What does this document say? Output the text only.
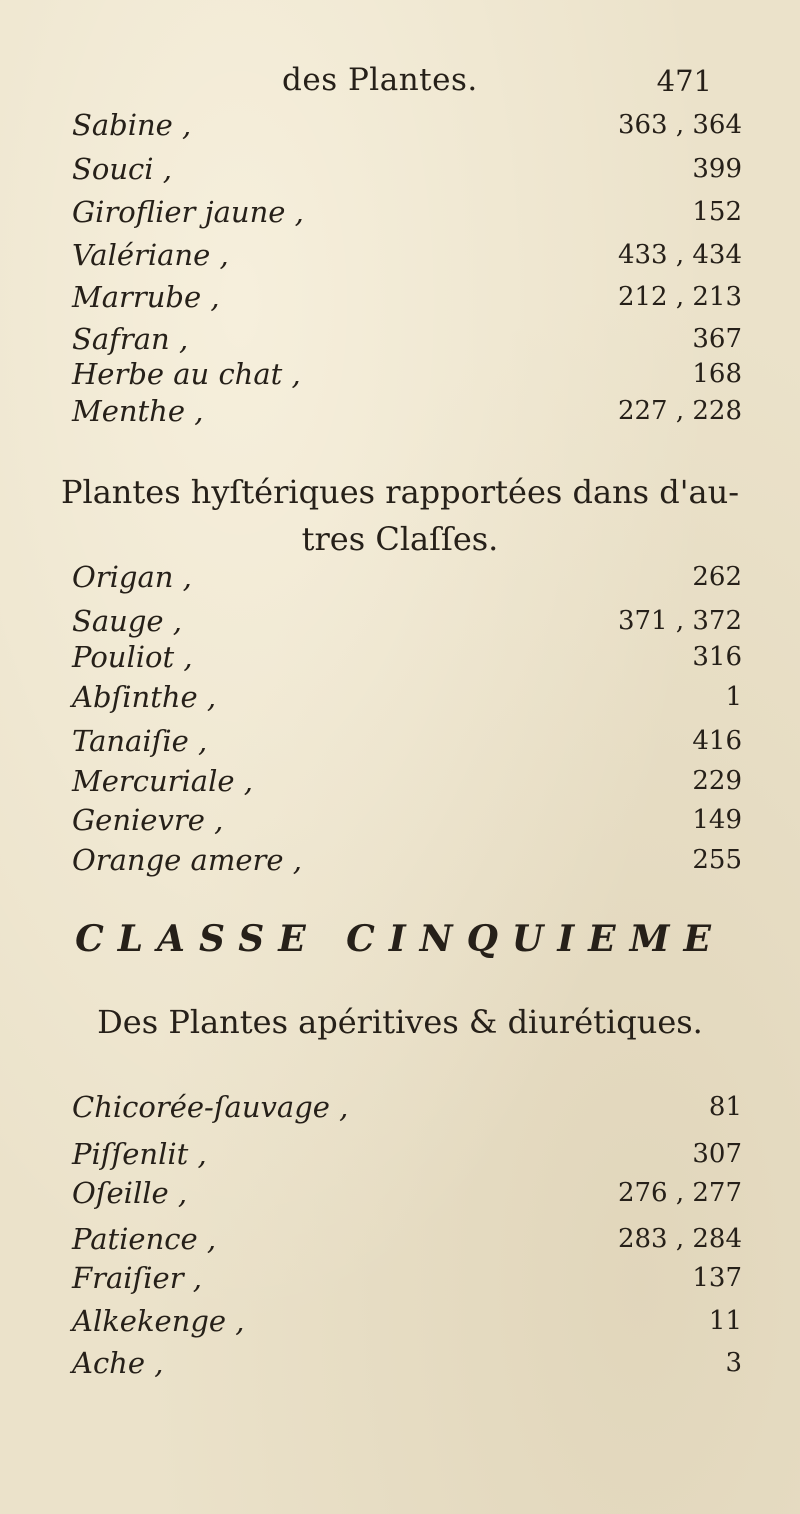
des Plantes.	471
Sabine ,	363 , 364
Souci ,	399
Giroflier jaune ,	152
Valériane ,	433 , 434
Marrube ,	212 , 213
Safran ,	367
Herbe au chat ,	168
Menthe ,	227 , 228
Plantes hyſtériques rapportées dans d'au-
tres Claſſes.
Origan ,	262
Sauge ,	371 , 372
Pouliot ,	316
Abſinthe ,	1
Tanaiſie ,	416
Mercuriale ,	229
Genievre ,	149
Orange amere ,	255
CLASSE CINQUIEME
Des Plantes apéritives & diurétiques.
Chicorée-ſauvage ,	81
Piſſenlit ,	307
Oſeille ,	276 , 277
Patience ,	283 , 284
Fraiſier ,	137
Alkekenge ,	11
Ache ,	3
